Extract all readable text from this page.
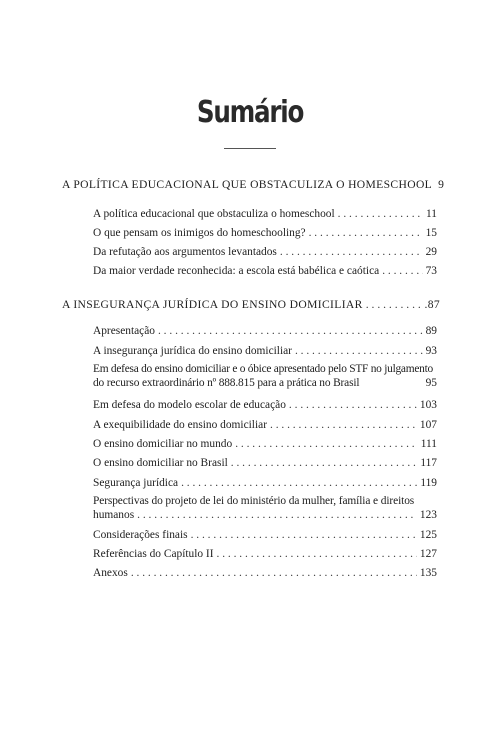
Sumário
A POLÍTICA EDUCACIONAL QUE OBSTACULIZA O HOMESCHOOL 9
A política educacional que obstaculiza o homeschool . . .	11
O que pensam os inimigos do homeschooling? . . .	15
Da refutação aos argumentos levantados . . .	29
Da maior verdade reconhecida: a escola está babélica e caótica . . .	73
A INSEGURANÇA JURÍDICA DO ENSINO DOMICILIAR . . .	.87
Apresentação . . .	89
A insegurança jurídica do ensino domiciliar . . .	93
Em defesa do ensino domiciliar e o óbice apresentado pelo STF no julgamento
do recurso extraordinário nº 888.815 para a prática no Brasil	95
Em defesa do modelo escolar de educação . . .	103
A exequibilidade do ensino domiciliar . . .	107
O ensino domiciliar no mundo . . .	111
O ensino domiciliar no Brasil . . .	117
Segurança jurídica . . .	119
Perspectivas do projeto de lei do ministério da mulher, família e direitos
humanos . . .	123
Considerações finais . . .	125
Referências do Capítulo II . . .	127
Anexos . . .	135
